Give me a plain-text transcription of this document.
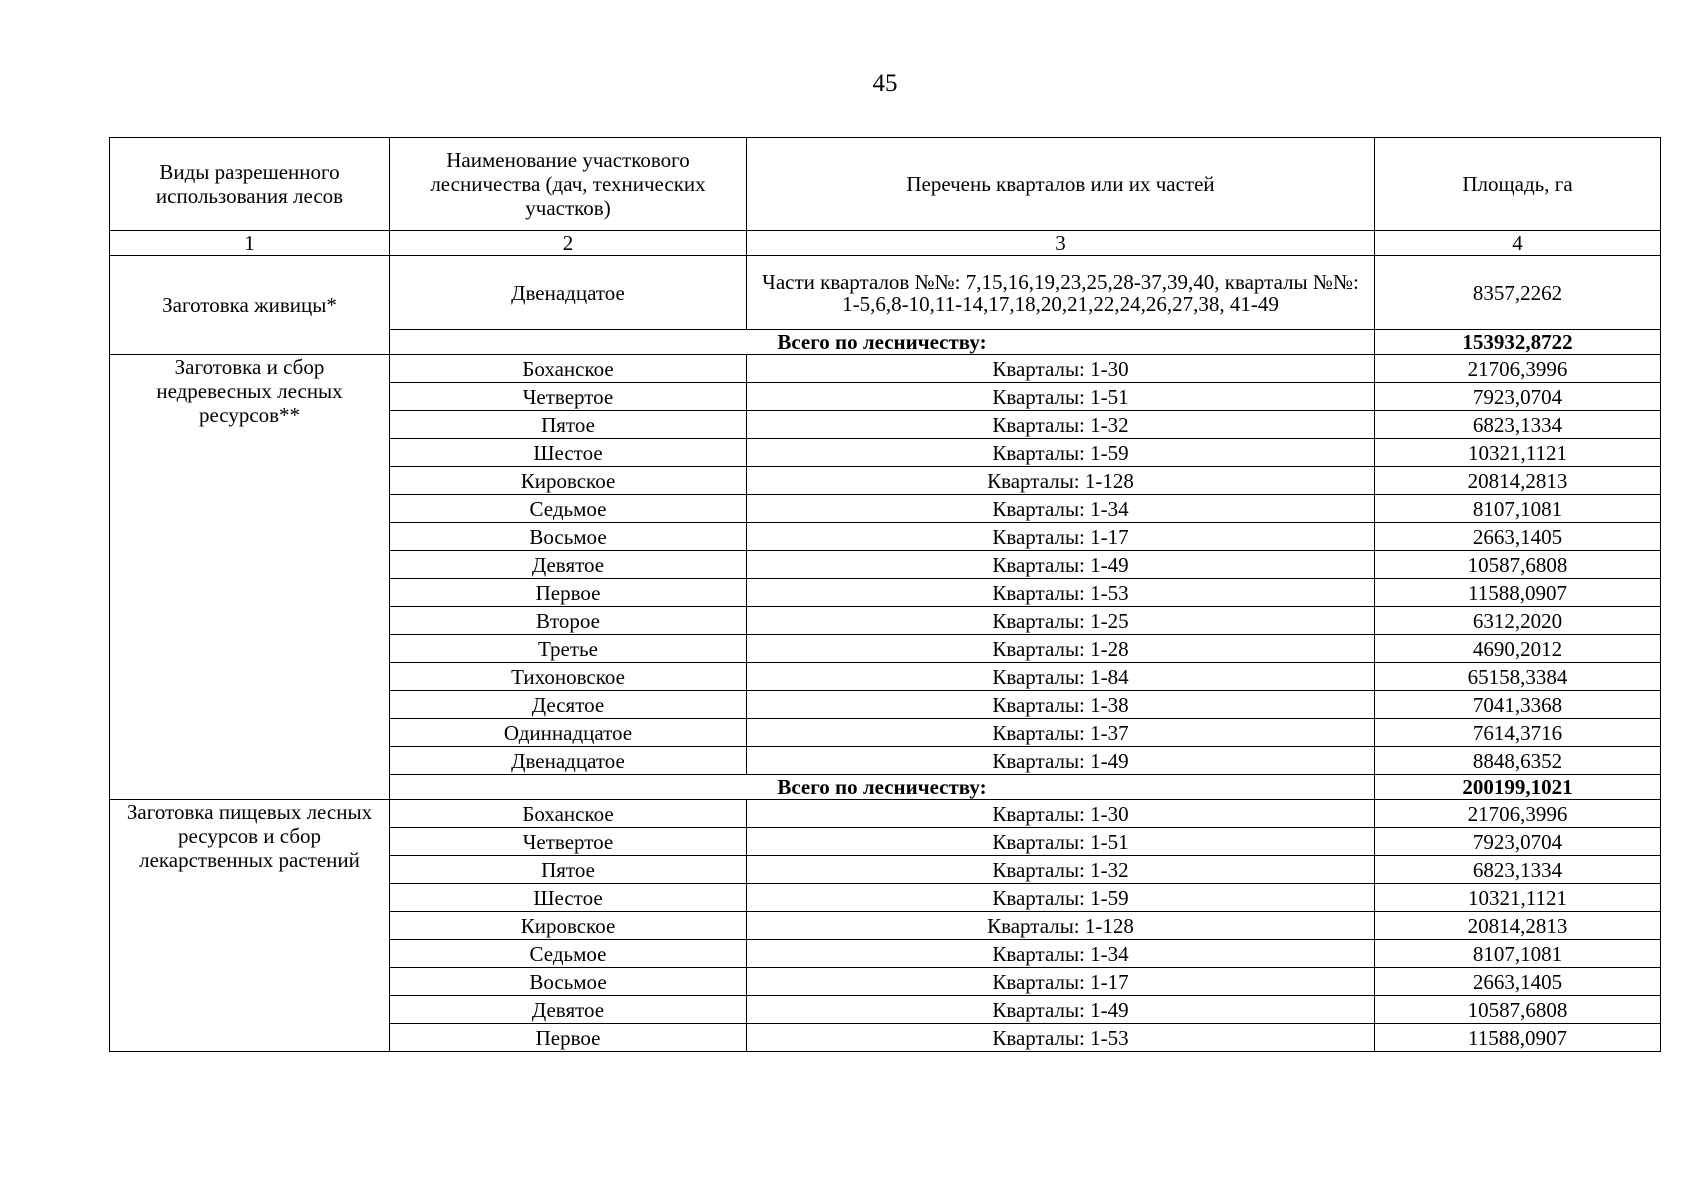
45
Виды разрешенного использования лесов	Наименование участкового лесничества (дач, технических участков)	Перечень кварталов или их частей	Площадь, га
1	2	3	4
Заготовка живицы*	Двенадцатое	Части кварталов №№: 7,15,16,19,23,25,28-37,39,40, кварталы №№: 1-5,6,8-10,11-14,17,18,20,21,22,24,26,27,38, 41-49	8357,2262
	Всего по лесничеству:		153932,8722
Заготовка и сбор недревесных лесных ресурсов**	Боханское	Кварталы: 1-30	21706,3996
	Четвертое	Кварталы: 1-51	7923,0704
	Пятое	Кварталы: 1-32	6823,1334
	Шестое	Кварталы: 1-59	10321,1121
	Кировское	Кварталы: 1-128	20814,2813
	Седьмое	Кварталы: 1-34	8107,1081
	Восьмое	Кварталы: 1-17	2663,1405
	Девятое	Кварталы: 1-49	10587,6808
	Первое	Кварталы: 1-53	11588,0907
	Второе	Кварталы: 1-25	6312,2020
	Третье	Кварталы: 1-28	4690,2012
	Тихоновское	Кварталы: 1-84	65158,3384
	Десятое	Кварталы: 1-38	7041,3368
	Одиннадцатое	Кварталы: 1-37	7614,3716
	Двенадцатое	Кварталы: 1-49	8848,6352
	Всего по лесничеству:		200199,1021
Заготовка пищевых лесных ресурсов и сбор лекарственных растений	Боханское	Кварталы: 1-30	21706,3996
	Четвертое	Кварталы: 1-51	7923,0704
	Пятое	Кварталы: 1-32	6823,1334
	Шестое	Кварталы: 1-59	10321,1121
	Кировское	Кварталы: 1-128	20814,2813
	Седьмое	Кварталы: 1-34	8107,1081
	Восьмое	Кварталы: 1-17	2663,1405
	Девятое	Кварталы: 1-49	10587,6808
	Первое	Кварталы: 1-53	11588,0907
